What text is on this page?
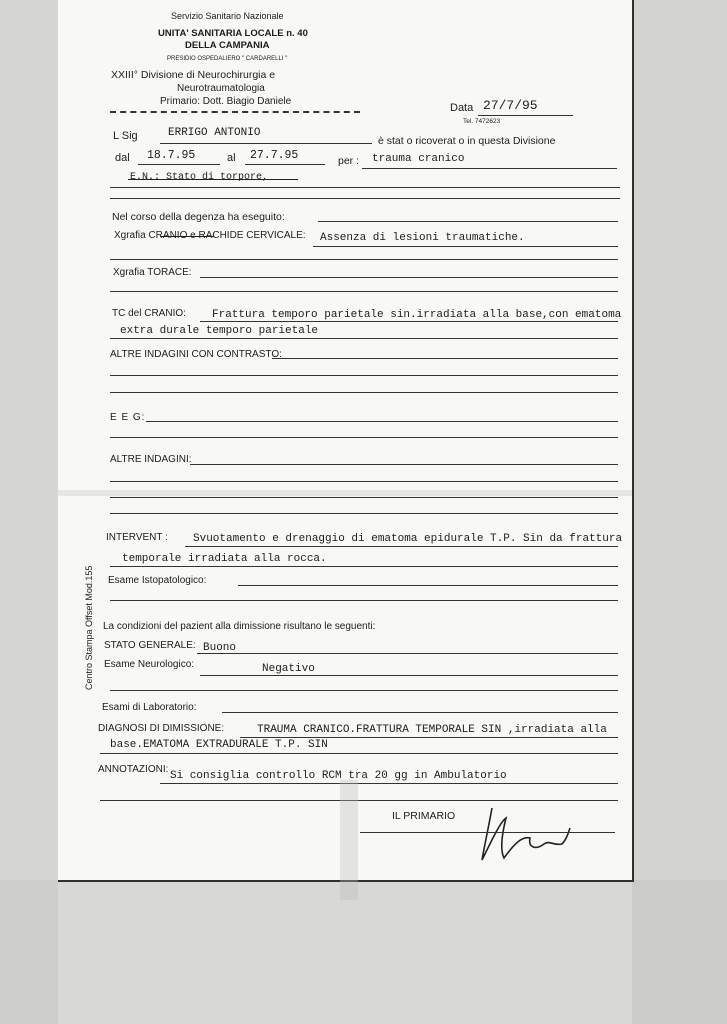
Servizio Sanitario Nazionale
UNITA' SANITARIA LOCALE n. 40
DELLA CAMPANIA
PRESIDIO OSPEDALIERO " CARDARELLI "
XXIII° Divisione di Neurochirurgia e
Neurotraumatologia
Primario: Dott. Biagio Daniele
Data 27/7/95
Tel. 7472623
L Sig	ERRIGO ANTONIO
è stat o ricoverat o in questa Divisione
dal 18.7.95	al 27.7.95	per : trauma cranico
E.N.: Stato di torpore,
Nel corso della degenza ha eseguito:
Xgrafia CRANIO e RACHIDE CERVICALE: Assenza di lesioni traumatiche.
Xgrafia TORACE:
TC del CRANIO: Frattura temporo parietale sin.irradiata alla base,con ematoma
extra durale temporo parietale
ALTRE INDAGINI CON CONTRASTO:
E E G:
ALTRE INDAGINI:
INTERVENT : Svuotamento e drenaggio di ematoma epidurale T.P. Sin da frattura
temporale irradiata alla rocca.
Esame Istopatologico:
La condizioni del pazient alla dimissione risultano le seguenti:
STATO GENERALE: Buono
Esame Neurologico:	Negativo
Esami di Laboratorio:
DIAGNOSI DI DIMISSIONE:	TRAUMA CRANICO.FRATTURA TEMPORALE SIN ,irradiata alla
base.EMATOMA EXTRADURALE T.P. SIN
ANNOTAZIONI:
Si consiglia controllo RCM tra 20 gg in Ambulatorio
IL PRIMARIO
Centro Stampa Offset Mod.155
